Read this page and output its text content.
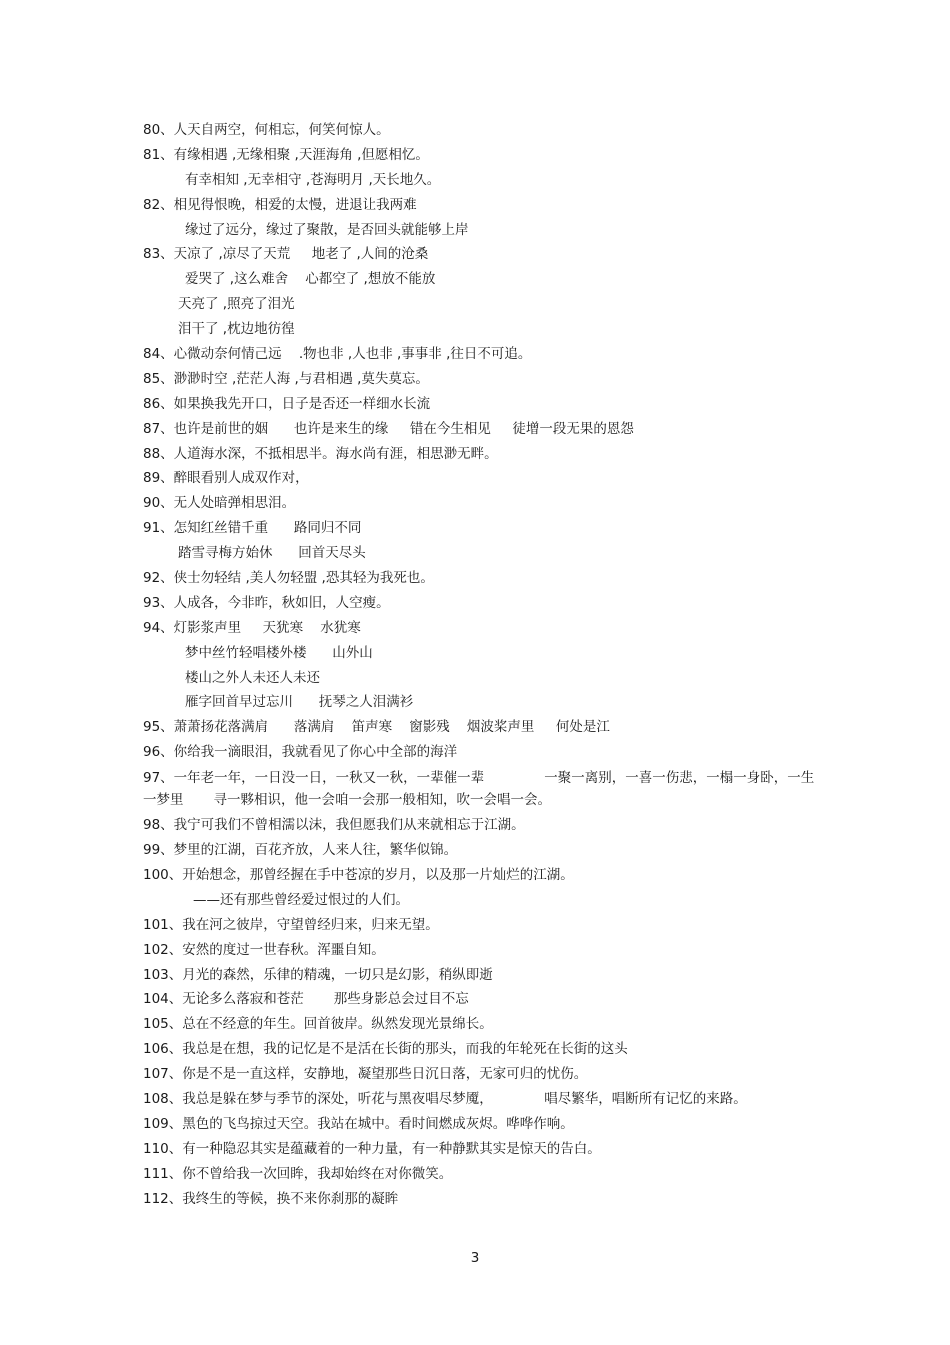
80、人天自两空，何相忘，何笑何惊人。
81、有缘相遇 ,无缘相聚 ,天涯海角 ,但愿相忆。
有幸相知 ,无幸相守 ,苍海明月 ,天长地久。
82、相见得恨晚，相爱的太慢，进退让我两难
缘过了远分，缘过了聚散，是否回头就能够上岸
83、天凉了 ,凉尽了天荒     地老了 ,人间的沧桑
爱哭了 ,这么难舍    心都空了 ,想放不能放
天亮了 ,照亮了泪光
泪干了 ,枕边地彷徨
84、心微动奈何情己远    .物也非 ,人也非 ,事事非 ,往日不可追。
85、渺渺时空 ,茫茫人海 ,与君相遇 ,莫失莫忘。
86、如果换我先开口，日子是否还一样细水长流
87、也许是前世的姻      也许是来生的缘     错在今生相见     徒增一段无果的恩怨
88、人道海水深，不抵相思半。海水尚有涯，相思渺无畔。
89、醉眼看别人成双作对，
90、无人处暗弹相思泪。
91、怎知红丝错千重      路同归不同
踏雪寻梅方始休      回首天尽头
92、侠士勿轻结 ,美人勿轻盟 ,恐其轻为我死也。
93、人成各，今非昨，秋如旧，人空瘦。
94、灯影浆声里     天犹寒    水犹寒
梦中丝竹轻唱楼外楼      山外山
楼山之外人未还人未还
雁字回首早过忘川      抚琴之人泪满衫
95、萧萧扬花落满肩      落满肩    笛声寒    窗影残    烟波桨声里     何处是江
96、你给我一滴眼泪，我就看见了你心中全部的海洋
97、一年老一年，一日没一日，一秋又一秋，一辈催一辈              一聚一离别，一喜一伤悲，一榻一身卧，一生一梦里       寻一夥相识，他一会咱一会那一般相知，吹一会唱一会。
98、我宁可我们不曾相濡以沫，我但愿我们从来就相忘于江湖。
99、梦里的江湖，百花齐放，人来人往，繁华似锦。
100、开始想念，那曾经握在手中苍凉的岁月，以及那一片灿烂的江湖。
——还有那些曾经爱过恨过的人们。
101、我在河之彼岸，守望曾经归来，归来无望。
102、安然的度过一世春秋。浑噩自知。
103、月光的森然，乐律的精魂，一切只是幻影，稍纵即逝
104、无论多么落寂和苍茫       那些身影总会过目不忘
105、总在不经意的年生。回首彼岸。纵然发现光景绵长。
106、我总是在想，我的记忆是不是活在长街的那头，而我的年轮死在长街的这头
107、你是不是一直这样，安静地，凝望那些日沉日落，无家可归的忧伤。
108、我总是躲在梦与季节的深处，听花与黑夜唱尽梦魇，            唱尽繁华，唱断所有记忆的来路。
109、黑色的飞鸟掠过天空。我站在城中。看时间燃成灰烬。哗哗作响。
110、有一种隐忍其实是蕴藏着的一种力量，有一种静默其实是惊天的告白。
111、你不曾给我一次回眸，我却始终在对你微笑。
112、我终生的等候，换不来你刹那的凝眸
3
